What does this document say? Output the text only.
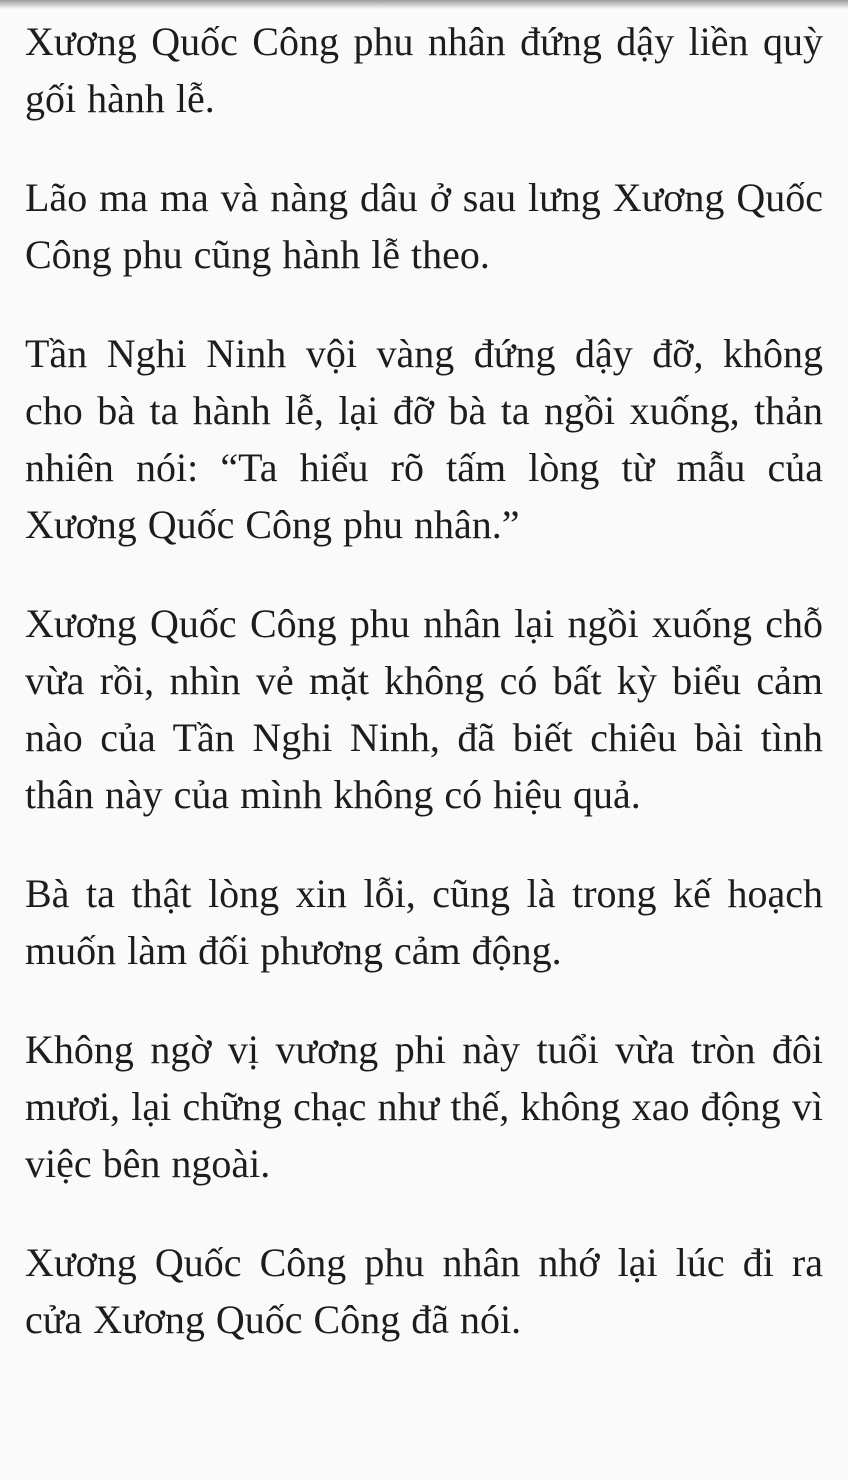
Xương Quốc Công phu nhân đứng dậy liền quỳ gối hành lễ.

Lão ma ma và nàng dâu ở sau lưng Xương Quốc Công phu cũng hành lễ theo.

Tần Nghi Ninh vội vàng đứng dậy đỡ, không cho bà ta hành lễ, lại đỡ bà ta ngồi xuống, thản nhiên nói: “Ta hiểu rõ tấm lòng từ mẫu của Xương Quốc Công phu nhân.”

Xương Quốc Công phu nhân lại ngồi xuống chỗ vừa rồi, nhìn vẻ mặt không có bất kỳ biểu cảm nào của Tần Nghi Ninh, đã biết chiêu bài tình thân này của mình không có hiệu quả.

Bà ta thật lòng xin lỗi, cũng là trong kế hoạch muốn làm đối phương cảm động.

Không ngờ vị vương phi này tuổi vừa tròn đôi mươi, lại chững chạc như thế, không xao động vì việc bên ngoài.

Xương Quốc Công phu nhân nhớ lại lúc đi ra cửa Xương Quốc Công đã nói.
